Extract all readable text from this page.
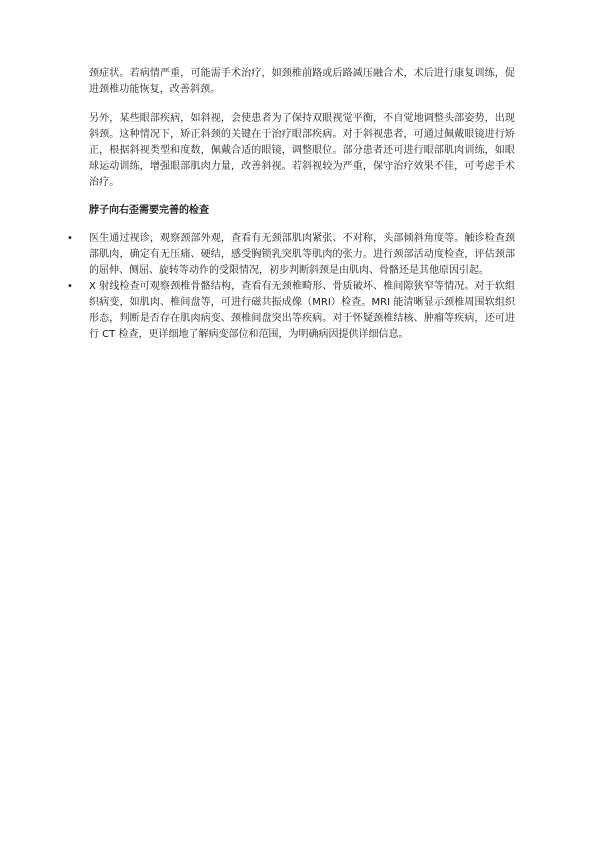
颈症状。若病情严重，可能需手术治疗，如颈椎前路或后路减压融合术，术后进行康复训练，促进颈椎功能恢复，改善斜颈。

另外，某些眼部疾病，如斜视，会使患者为了保持双眼视觉平衡，不自觉地调整头部姿势，出现斜颈。这种情况下，矫正斜颈的关键在于治疗眼部疾病。对于斜视患者，可通过佩戴眼镜进行矫正，根据斜视类型和度数，佩戴合适的眼镜，调整眼位。部分患者还可进行眼部肌肉训练，如眼球运动训练，增强眼部肌肉力量，改善斜视。若斜视较为严重，保守治疗效果不佳，可考虑手术治疗。

脖子向右歪需要完善的检查
•	医生通过视诊，观察颈部外观，查看有无颈部肌肉紧张、不对称，头部倾斜角度等。触诊检查颈部肌肉，确定有无压痛、硬结，感受胸锁乳突肌等肌肉的张力。进行颈部活动度检查，评估颈部的屈伸、侧屈、旋转等动作的受限情况，初步判断斜颈是由肌肉、骨骼还是其他原因引起。
•	X 射线检查可观察颈椎骨骼结构，查看有无颈椎畸形、骨质破坏、椎间隙狭窄等情况。对于软组织病变，如肌肉、椎间盘等，可进行磁共振成像（MRI）检查。MRI 能清晰显示颈椎周围软组织形态，判断是否存在肌肉病变、颈椎间盘突出等疾病。对于怀疑颈椎结核、肿瘤等疾病，还可进行 CT 检查，更详细地了解病变部位和范围，为明确病因提供详细信息。
